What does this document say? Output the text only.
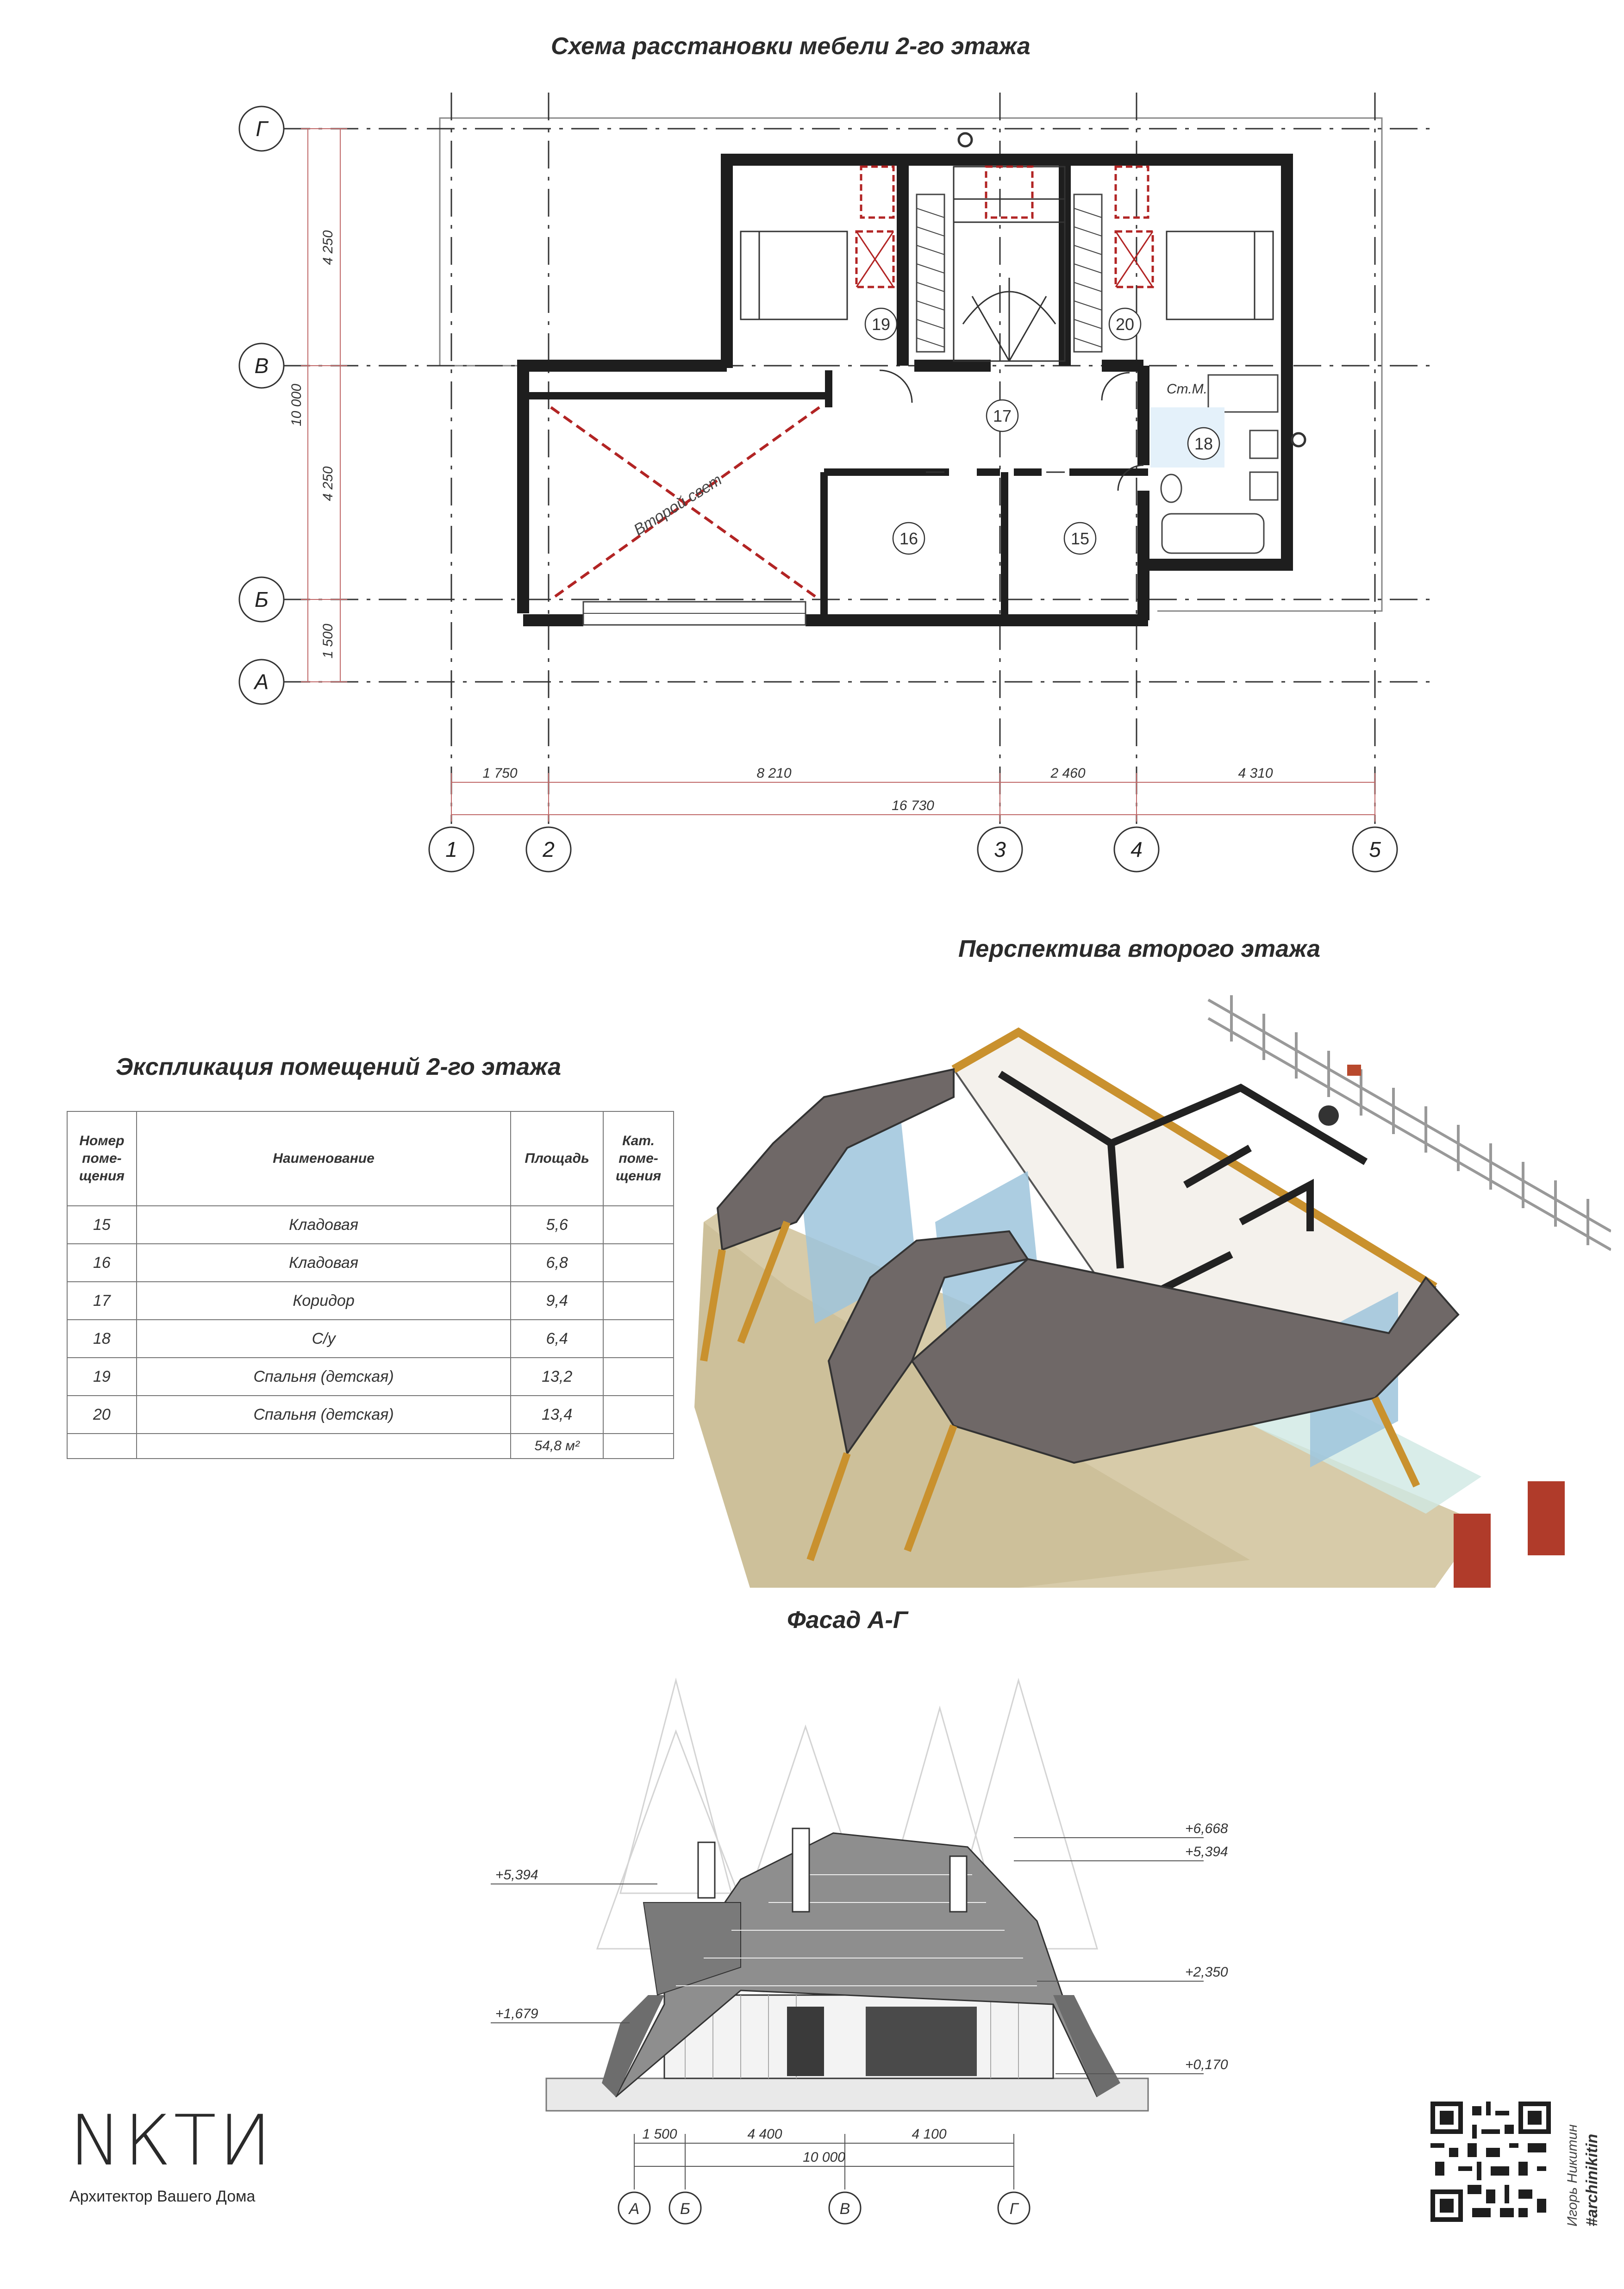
Схема расстановки мебели 2-го этажа
Перспектива второго этажа
Экспликация помещений 2-го этажа
Фасад А-Г
Второй свет
Ст.М.
19	20
17
18
16	15
Г
В
Б
А
1	2	3	4	5
4 250
4 250
1 500
10 000
1 750	8 210	2 460	4 310
16 730
Номер поме-щения	Наименование	Площадь	Кат. поме-щения
15	Кладовая	5,6	
16	Кладовая	6,8	
17	Коридор	9,4	
18	С/у	6,4	
19	Спальня (детская)	13,2	
20	Спальня (детская)	13,4	
		54,8 м²	
+6,668
+5,394
+2,350
+0,170
+5,394
+1,679
1 500	4 400	4 100
10 000
А	Б	В	Г
NКТИ
Архитектор Вашего Дома	Игорь Никитин #archinikitin
